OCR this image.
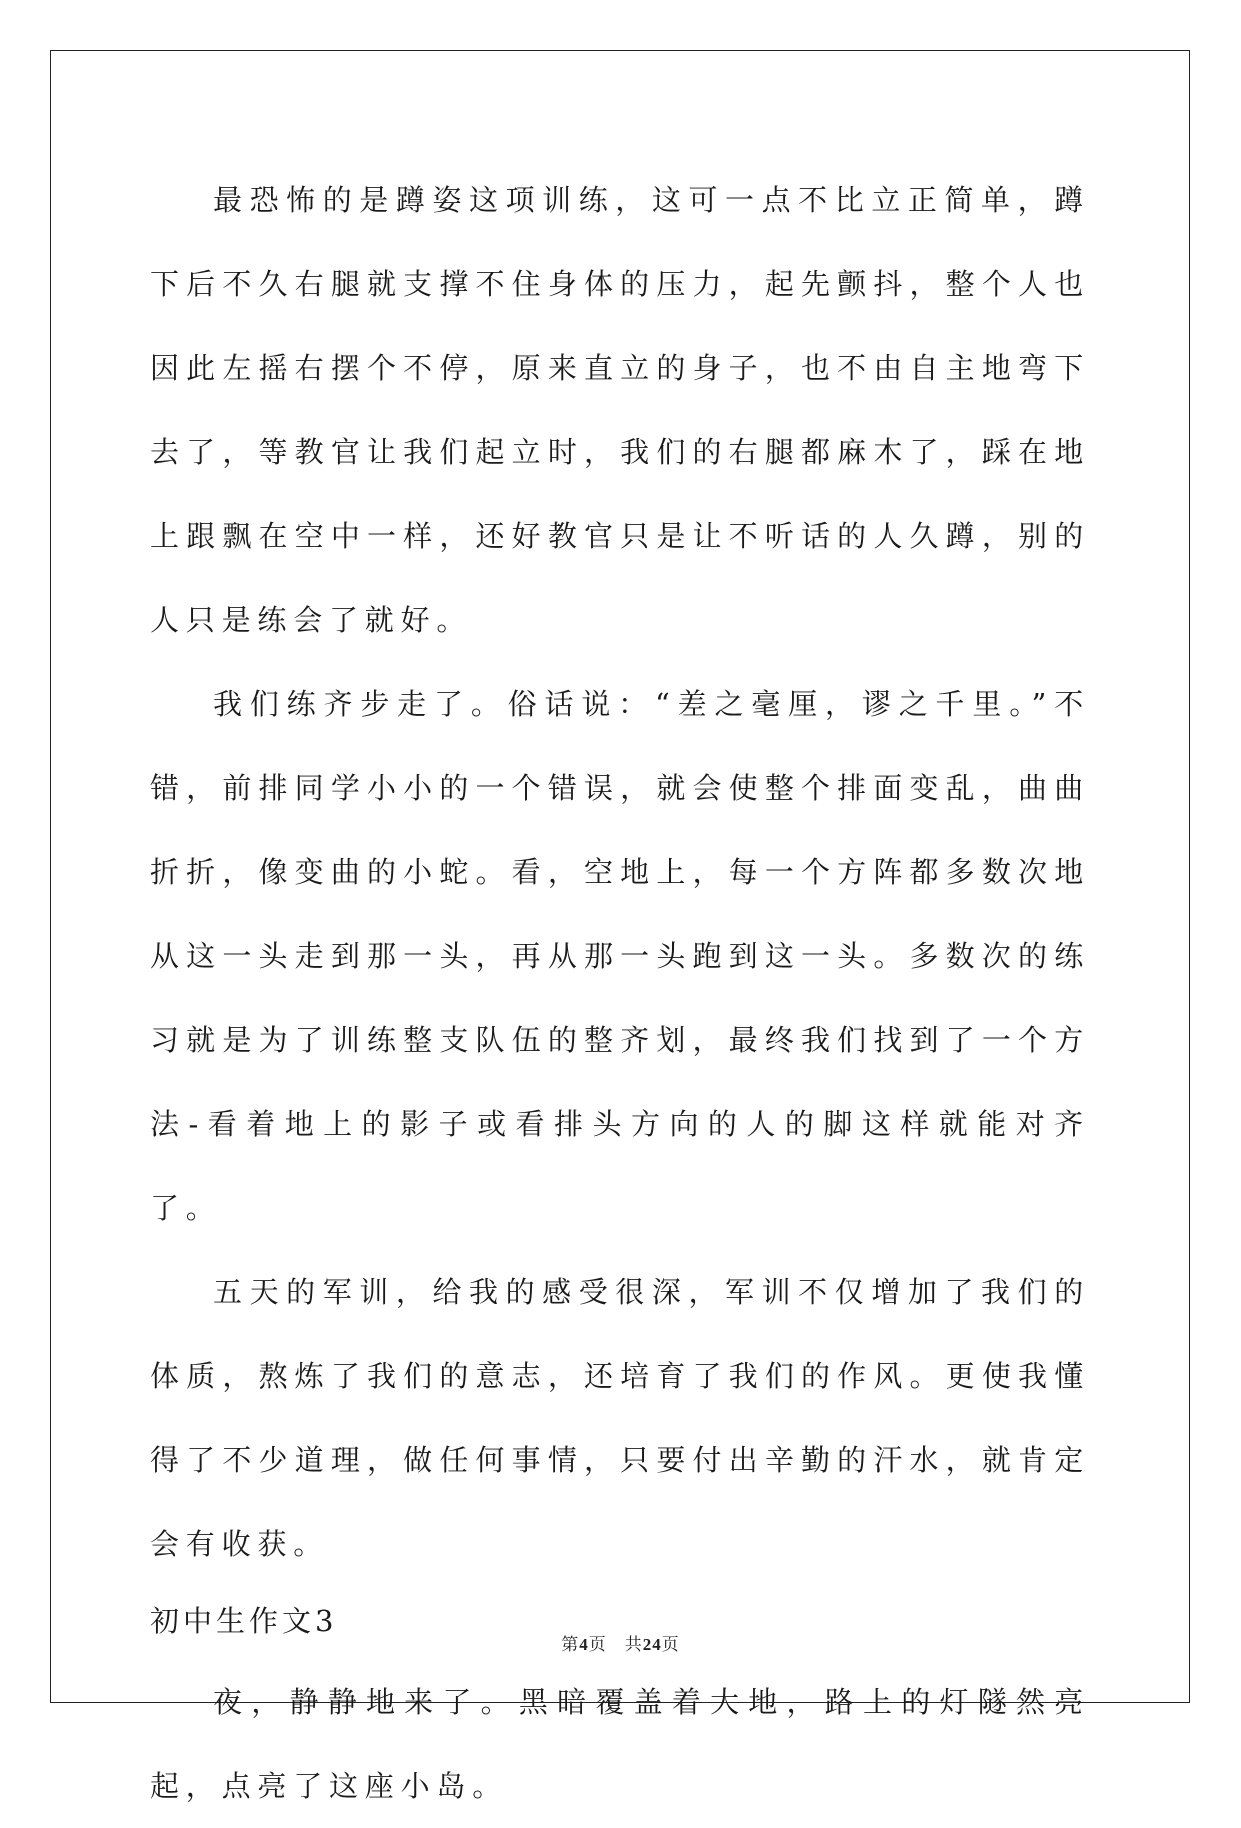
最恐怖的是蹲姿这项训练，这可一点不比立正简单，蹲下后不久右腿就支撑不住身体的压力，起先颤抖，整个人也因此左摇右摆个不停，原来直立的身子，也不由自主地弯下去了，等教官让我们起立时，我们的右腿都麻木了，踩在地上跟飘在空中一样，还好教官只是让不听话的人久蹲，别的人只是练会了就好。

我们练齐步走了。俗话说：“差之毫厘，谬之千里。”不错，前排同学小小的一个错误，就会使整个排面变乱，曲曲折折，像变曲的小蛇。看，空地上，每一个方阵都多数次地从这一头走到那一头，再从那一头跑到这一头。多数次的练习就是为了训练整支队伍的整齐划，最终我们找到了一个方法-看着地上的影子或看排头方向的人的脚这样就能对齐了。

五天的军训，给我的感受很深，军训不仅增加了我们的体质，熬炼了我们的意志，还培育了我们的作风。更使我懂得了不少道理，做任何事情，只要付出辛勤的汗水，就肯定会有收获。

初中生作文3

夜，静静地来了。黑暗覆盖着大地，路上的灯隧然亮起，点亮了这座小岛。

第4页 共24页
